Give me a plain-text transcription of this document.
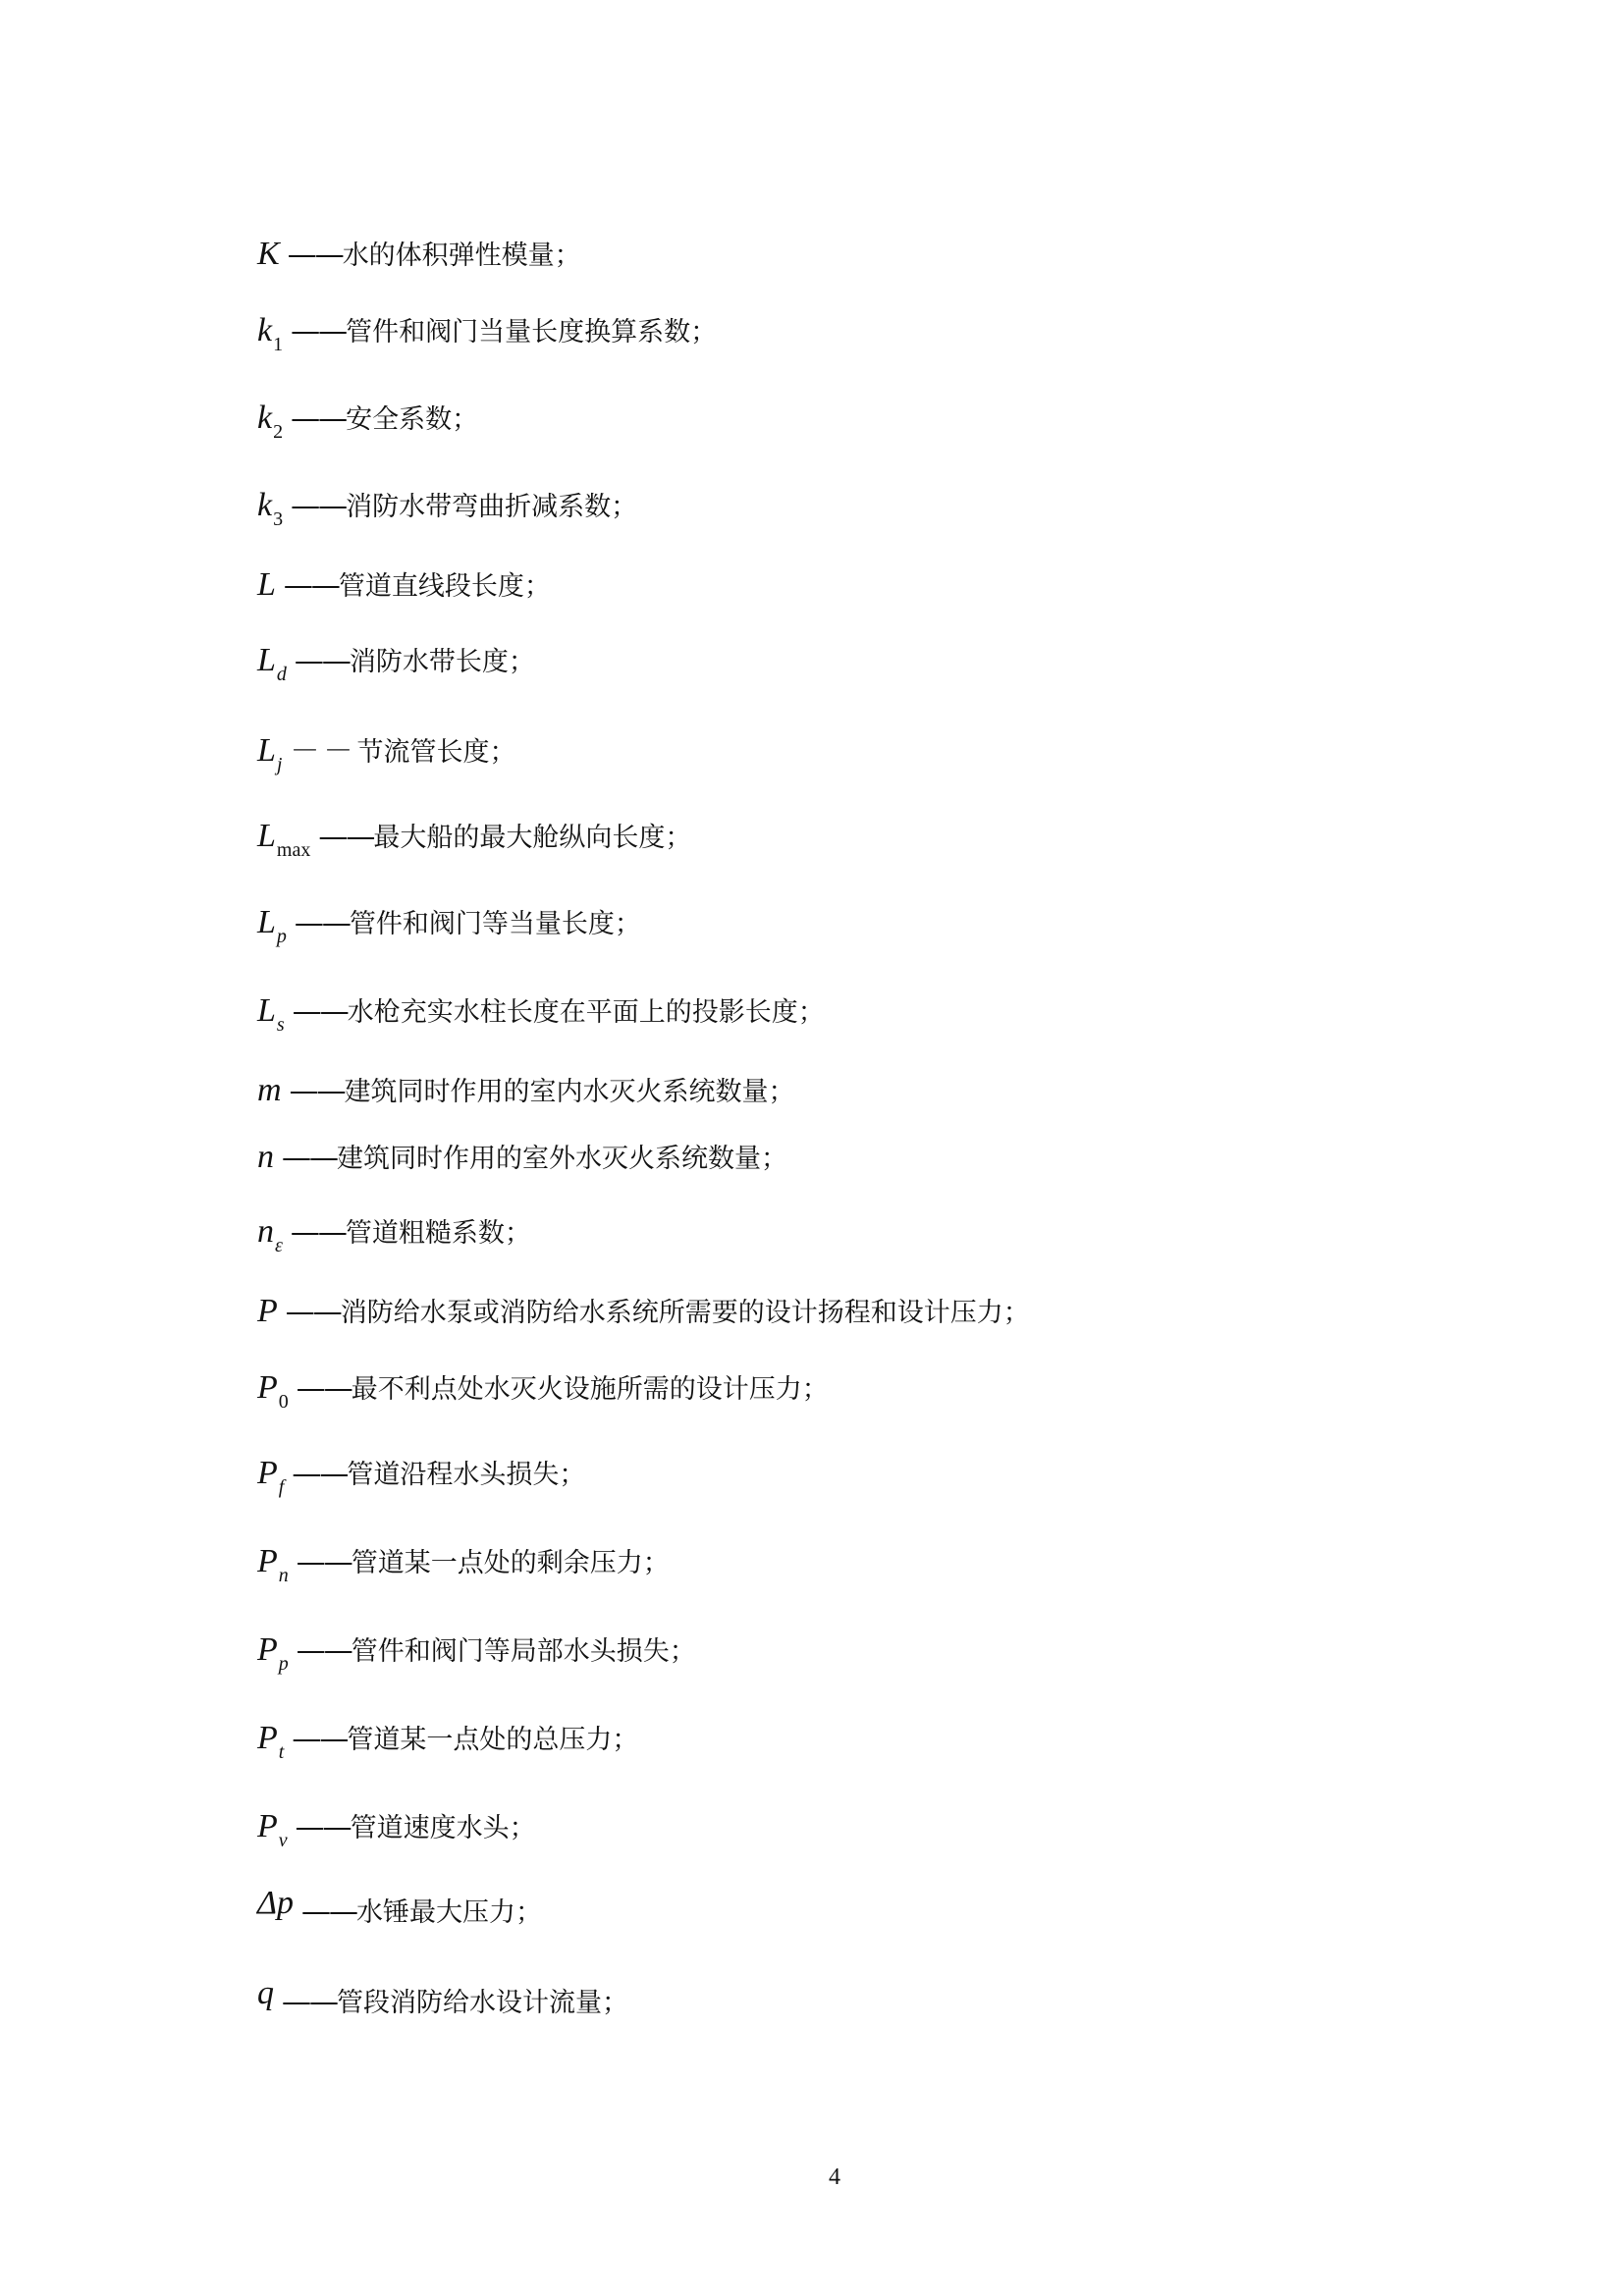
K —— 水的体积弹性模量；
k 1 —— 管件和阀门当量长度换算系数；
k 2 —— 安全系数；
k 3 —— 消防水带弯曲折减系数；
L —— 管道直线段长度；
L d —— 消防水带长度；
L j －－ 节流管长度；
L max —— 最大船的最大舱纵向长度；
L p —— 管件和阀门等当量长度；
L s —— 水枪充实水柱长度在平面上的投影长度；
m —— 建筑同时作用的室内水灭火系统数量；
n —— 建筑同时作用的室外水灭火系统数量；
n ε —— 管道粗糙系数；
P —— 消防给水泵或消防给水系统所需要的设计扬程和设计压力；
P 0 —— 最不利点处水灭火设施所需的设计压力；
P f —— 管道沿程水头损失；
P n —— 管道某一点处的剩余压力；
P p —— 管件和阀门等局部水头损失；
P t —— 管道某一点处的总压力；
P v —— 管道速度水头；
Δp —— 水锤最大压力；
q —— 管段消防给水设计流量；
4
